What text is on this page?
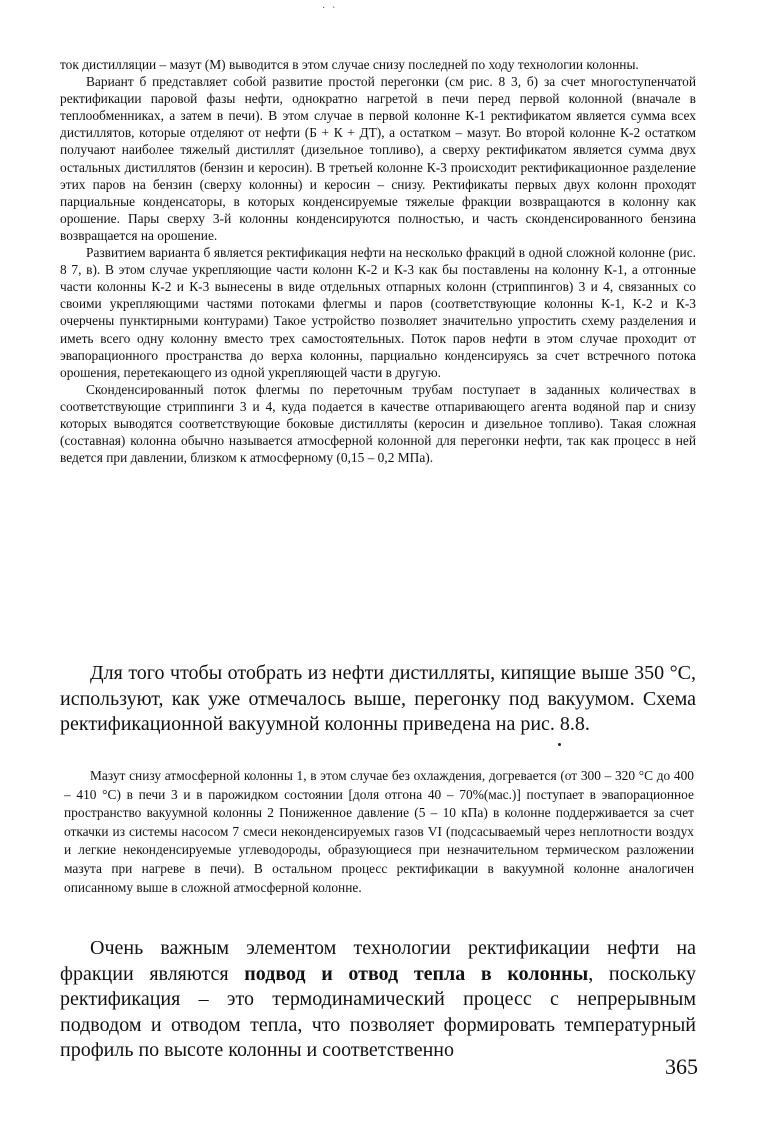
˙ ˋ

ток дистилляции – мазут (М) выводится в этом случае снизу последней по ходу технологии колонны.

Вариант б представляет собой развитие простой перегонки (см рис. 8 3, б) за счет многоступенчатой ректификации паровой фазы нефти, однократно нагретой в печи перед первой колонной (вначале в теплообменниках, а затем в печи). В этом случае в первой колонне К-1 ректификатом является сумма всех дистиллятов, которые отделяют от нефти (Б + К + ДТ), а остатком – мазут. Во второй колонне К-2 остатком получают наиболее тяжелый дистиллят (дизельное топливо), а сверху ректификатом является сумма двух остальных дистиллятов (бензин и керосин). В третьей колонне К-3 происходит ректификационное разделение этих паров на бензин (сверху колонны) и керосин – снизу. Ректификаты первых двух колонн проходят парциальные конденсаторы, в которых конденсируемые тяжелые фракции возвращаются в колонну как орошение. Пары сверху 3-й колонны конденсируются полностью, и часть сконденсированного бензина возвращается на орошение.

Развитием варианта б является ректификация нефти на несколько фракций в одной сложной колонне (рис. 8 7, в). В этом случае укрепляющие части колонн К-2 и К-3 как бы поставлены на колонну К-1, а отгонные части колонны К-2 и К-3 вынесены в виде отдельных отпарных колонн (стриппингов) 3 и 4, связанных со своими укрепляющими частями потоками флегмы и паров (соответствующие колонны К-1, К-2 и К-3 очерчены пунктирными контурами) Такое устройство позволяет значительно упростить схему разделения и иметь всего одну колонну вместо трех самостоятельных. Поток паров нефти в этом случае проходит от эвапорационного пространства до верха колонны, парциально конденсируясь за счет встречного потока орошения, перетекающего из одной укрепляющей части в другую.

Сконденсированный поток флегмы по переточным трубам поступает в заданных количествах в соответствующие стриппинги 3 и 4, куда подается в качестве отпаривающего агента водяной пар и снизу которых выводятся соответствующие боковые дистилляты (керосин и дизельное топливо). Такая сложная (составная) колонна обычно называется атмосферной колонной для перегонки нефти, так как процесс в ней ведется при давлении, близком к атмосферному (0,15 – 0,2 МПа).

Для того чтобы отобрать из нефти дистилляты, кипящие выше 350 °С, используют, как уже отмечалось выше, перегонку под вакуумом. Схема ректификационной вакуумной колонны приведена на рис. 8.8.

Мазут снизу атмосферной колонны 1, в этом случае без охлаждения, догревается (от 300 – 320 °С до 400 – 410 °С) в печи 3 и в парожидком состоянии [доля отгона 40 – 70%(мас.)] поступает в эвапорационное пространство вакуумной колонны 2 Пониженное давление (5 – 10 кПа) в колонне поддерживается за счет откачки из системы насосом 7 смеси неконденсируемых газов VI (подсасываемый через неплотности воздух и легкие неконденсируемые углеводороды, образующиеся при незначительном термическом разложении мазута при нагреве в печи). В остальном процесс ректификации в вакуумной колонне аналогичен описанному выше в сложной атмосферной колонне.

Очень важным элементом технологии ректификации нефти на фракции являются подвод и отвод тепла в колонны, поскольку ректификация – это термодинамический процесс с непрерывным подводом и отводом тепла, что позволяет формировать температурный профиль по высоте колонны и соответственно

365
